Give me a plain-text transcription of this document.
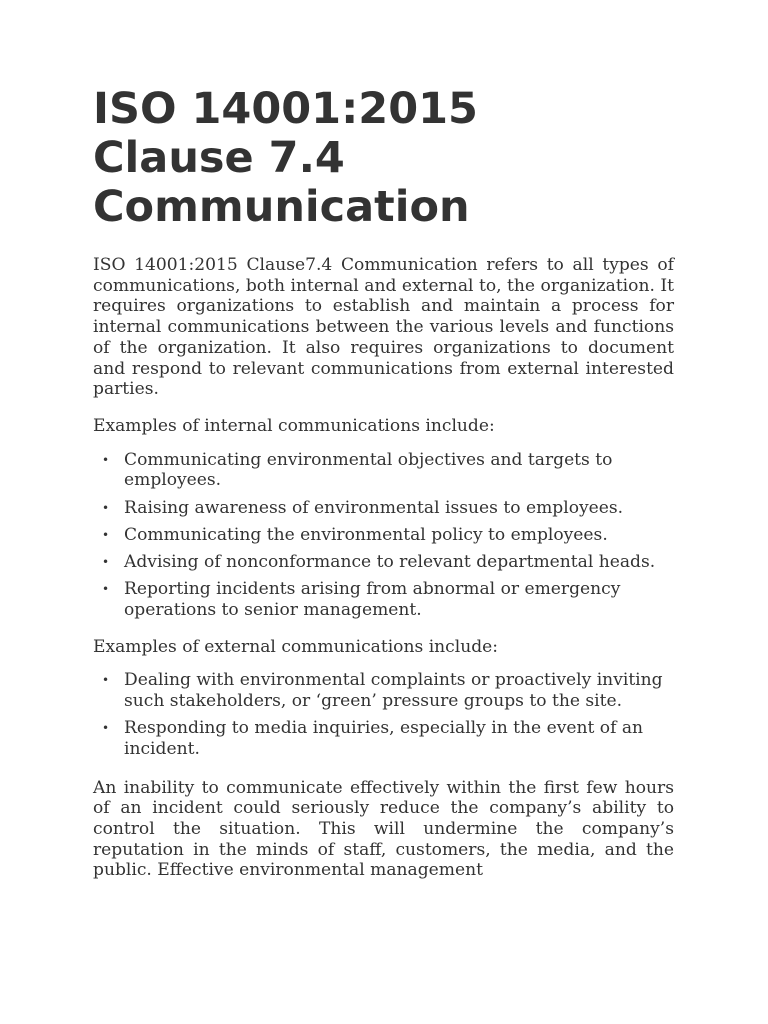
ISO 14001:2015
Clause 7.4
Communication

ISO 14001:2015 Clause7.4 Communication refers to all types of communications, both internal and external to, the organization. It requires organizations to establish and maintain a process for internal communications between the various levels and functions of the organization. It also requires organizations to document and respond to relevant communications from external interested parties.

Examples of internal communications include:

• Communicating environmental objectives and targets to employees.
• Raising awareness of environmental issues to employees.
• Communicating the environmental policy to employees.
• Advising of nonconformance to relevant departmental heads.
• Reporting incidents arising from abnormal or emergency operations to senior management.

Examples of external communications include:

• Dealing with environmental complaints or proactively inviting such stakeholders, or ‘green’ pressure groups to the site.
• Responding to media inquiries, especially in the event of an incident.

An inability to communicate effectively within the first few hours of an incident could seriously reduce the company’s ability to control the situation. This will undermine the company’s reputation in the minds of staff, customers, the media, and the public. Effective environmental management
